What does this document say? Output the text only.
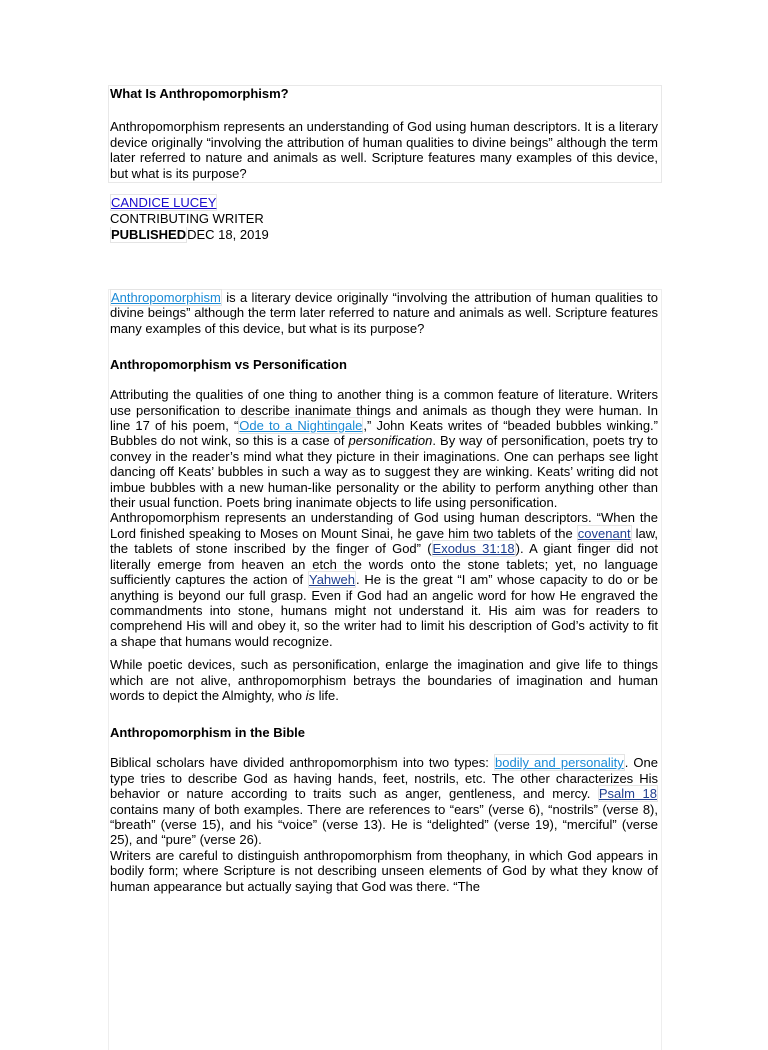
What Is Anthropomorphism?

Anthropomorphism represents an understanding of God using human descriptors. It is a literary device originally “involving the attribution of human qualities to divine beings” although the term later referred to nature and animals as well. Scripture features many examples of this device, but what is its purpose?

CANDICE LUCEY
CONTRIBUTING WRITER
PUBLISHEDDEC 18, 2019

Anthropomorphism is a literary device originally “involving the attribution of human qualities to divine beings” although the term later referred to nature and animals as well. Scripture features many examples of this device, but what is its purpose?

Anthropomorphism vs Personification

Attributing the qualities of one thing to another thing is a common feature of literature. Writers use personification to describe inanimate things and animals as though they were human. In line 17 of his poem, “Ode to a Nightingale,” John Keats writes of “beaded bubbles winking.” Bubbles do not wink, so this is a case of personification. By way of personification, poets try to convey in the reader’s mind what they picture in their imaginations. One can perhaps see light dancing off Keats’ bubbles in such a way as to suggest they are winking. Keats’ writing did not imbue bubbles with a new human-like personality or the ability to perform anything other than their usual function. Poets bring inanimate objects to life using personification.

Anthropomorphism represents an understanding of God using human descriptors. “When the Lord finished speaking to Moses on Mount Sinai, he gave him two tablets of the covenant law, the tablets of stone inscribed by the finger of God” (Exodus 31:18). A giant finger did not literally emerge from heaven an etch the words onto the stone tablets; yet, no language sufficiently captures the action of Yahweh. He is the great “I am” whose capacity to do or be anything is beyond our full grasp. Even if God had an angelic word for how He engraved the commandments into stone, humans might not understand it. His aim was for readers to comprehend His will and obey it, so the writer had to limit his description of God’s activity to fit a shape that humans would recognize.

While poetic devices, such as personification, enlarge the imagination and give life to things which are not alive, anthropomorphism betrays the boundaries of imagination and human words to depict the Almighty, who is life.

Anthropomorphism in the Bible

Biblical scholars have divided anthropomorphism into two types: bodily and personality. One type tries to describe God as having hands, feet, nostrils, etc. The other characterizes His behavior or nature according to traits such as anger, gentleness, and mercy. Psalm 18 contains many of both examples. There are references to “ears” (verse 6), “nostrils” (verse 8), “breath” (verse 15), and his “voice” (verse 13). He is “delighted” (verse 19), “merciful” (verse 25), and “pure” (verse 26).

Writers are careful to distinguish anthropomorphism from theophany, in which God appears in bodily form; where Scripture is not describing unseen elements of God by what they know of human appearance but actually saying that God was there. “The
